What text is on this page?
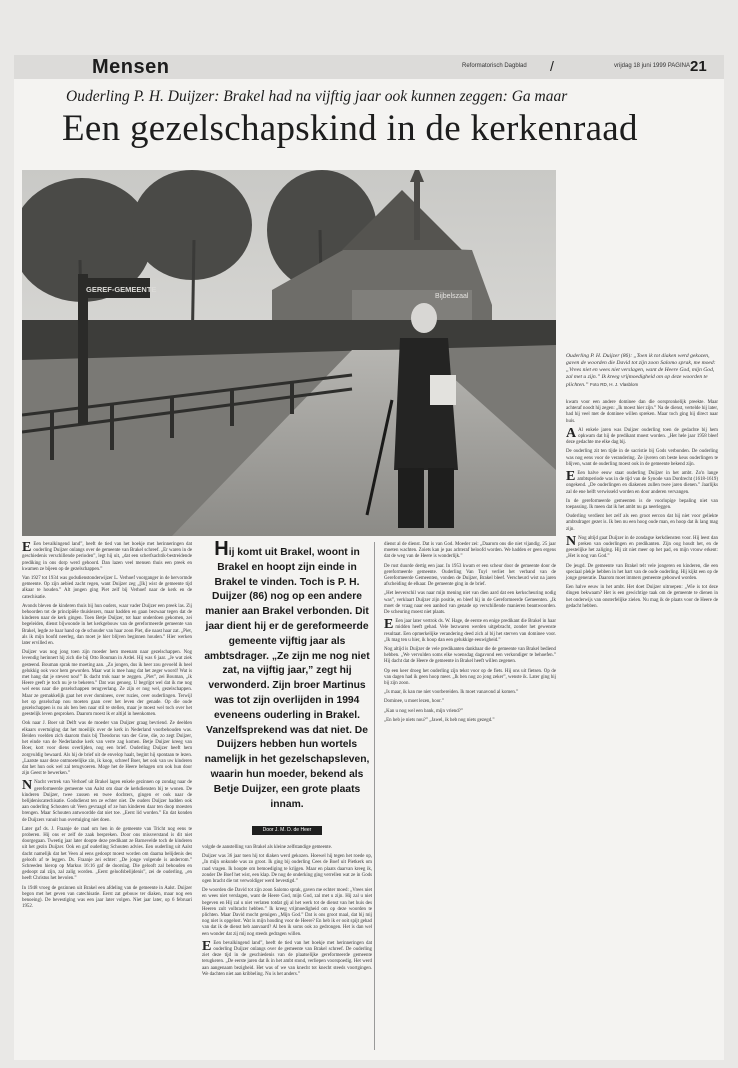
Mensen	Reformatorisch Dagblad /	vrijdag 18 juni 1999 PAGINA 21
Ouderling P. H. Duijzer: Brakel had na vijftig jaar ook kunnen zeggen: Ga maar
Een gezelschapskind in de kerkenraad
Bijbelszaal
GEREF-GEMEENTE
Ouderling P. H. Duijzer (86): „Toen ik tot diaken werd gekozen, gaven de woorden die David tot zijn zoon Salomo sprak, me moed: „Vrees niet en wees niet verslagen, want de Heere God, mijn God, zal met u zijn.” Ik kreeg vrijmoedigheid om op deze woorden te plichten.” Foto RD, H. J. Vlasblom

E Een bevalkingend land”, heeft de tied van het boekje met herinneringen dat ouderling Duijzer onlangs over de gemeente van Brakel schreef. „Er waren in de geschiedenis verschillende perioden”, legt hij uit, „dat een scherfsachtik-bestreidende prediking in ons dorp werd gehoord. Dan lazen veel mensen thuis een preek en kwamen ze bijeen op de gezelschappen.”

Van 1927 tot 1934 was godsdienstonderwijzer L. Verhoef voorganger in de hervormde gemeente. Op zijn aebied zacht regen, want Duijzer zeg „[Ik] wist de gemeente tijd alkaar te houden.” Alt jongen ging Piet zelf bij Verhoef naar de kerk en de catechisatie.

Avonds bleven de kinderen thuis bij hun ouders, waar vader Duijzer een preek las. Zij behoorden tot de principiële thuislezers, maar hadden en gaan bezwaar tegen dat de kinderen naar de kerk gingen. Toen Betje Duijzer, tot haar onderdoen gekomen, zei begeleiden, dienst bijwoonde in het kerkgebouw van de gereformeerde gemeente van Brakel, legde ze haar hand op de schouder van haar zoon Piet, die naast haar zat. „Piet, als ik mijn hoofd neerleg, dan moet je hier blijven beginnen houden.” Hier werken later ervilled en.

Duijzer was nog jong toen zijn moeder hem meenam naar gezelschappen. Nog levendig herinnert hij zich die bij Otto Bouman in Ardel. Hij was 6 jaar. „Je wat ziek gesteend. Bouman sprak me moeting aan. „Zo jongen, dus ik heer zou gevoeld ik heel gelukkig ook voor hem geworden. Maar wat is mee hang dat het zeger woord! Wat is met hang dat je stevest nou!” Ik dacht trok naar te zeggen. „Piet”, zei Bouman, „ik Heere geeft je toch nu je te bekeren.” Dat was genoeg. U begrijpt wel dat ik me nog wel eens naar die gezelschappen terugverlang. Ze zijn er nog wel, gezelschappen. Maar ze gemakkelijk gaat het over dominees, over ruzies, over ouderlingen. Terwijl het op gezelschap nou moeten gaan over het leven der genade. Op die oude gezelschappen is nu als ben ben naar stil te stellen, maar je moest wel toch over het geestelijk leven gesproken. Daarom moest ik er altijd in heenkomen.

Ook naar J. Boer uit Delft was de moeder van Duijzer graag bevriend. Ze deelden elkaars overtuiging dat het moeilijk over de kerk in Nederland voorbehouden was. Beiden voelden zich daarom thuis bij Theodorus van der Groe, die, zo zegt Duijzer, het einde van de Nederlandse kerk van verre zag komen. Betje Duijzer kreeg van Boer, kort voor diens overlijden, nog een brief. Ouderling Duijzer heeft hem zorgvuldig bewaard. Als hij de brief uit de envelop haalt, begint hij spontaan te lezen. „Laatste naar deze ontmoetelijke zin, ik koop, schreef Boer, het ook van uw kinderen dat het hun ook wel zal terugvoeren. Moge het de Heere behagen om ook hun door zijn Geest te bewerken.”

N Nacht vertrek van Verhoef uit Brakel lagen enkele gezinnen op zondag naar de gereformeerde gemeente van Aalst om daar de kerkdiensten bij te wonen. De kinderen Duijzer, twee zussen en twee dochters, gingen er ook naar de belijdeniscatechisatie. Godsdienst ten ze echter niet. De ouders Duijzer hadden ook aan ouderling Schouten uit Veen gevraagd of ze hun kinderen daar ten doop moesten brengen. Maar Schouten antwoordde dat niet toe. „Eerst lid worden.” En dat konden de Duijzers vanuit hun overtuiging niet doen.

Later gaf ds. J. Fraanje de raad om hen in de gemeente van Tricht nog eens te proberen. Hij ons er zelf de zaak bespreken. Door ons missverstand is dit niet doorgegaan. Tweetig jaar later doopte deze predikant ze Barnevelde toch de kinderen uit het gezin Duijzer. Ook en gaf ouderling Schouten advies. Een ouderling uit Aalst dacht namelijk dat het Veen al eens gedoopt moest worden om daarna belijdenis des geloofs af te leggen. Ds. Fraanje zei echter: „De jonge volgende is anderrom.” Schreeden hierop op Markus 16:16 gaf de doorslag. Die gelooft zal behouden en gedoopt zal zijn, zal zalig worden. „Eerst geloofsbelijdenis”, zei de ouderling, „en heeft Christus het bevolen.”

In 1948 vroeg de gezinnen uit Brakel een afdeling van de gemeente in Aalst. Duijzer begon met het geven van catechisatie. Eerst zat gebouw ter diaken, maar nog een benoeing). De bevestiging was een jaar later volgen. Niet jaar later, op 6 februari 1952.

Hij komt uit Brakel, woont in Brakel en hoopt zijn einde in Brakel te vinden. Toch is P. H. Duijzer (86) nog op een andere manier aan Brakel verbonden. Dit jaar dient hij er de gereformeerde gemeente vijftig jaar als ambtsdrager. „Ze zijn me nog niet zat, na vijftig jaar,” zegt hij verwonderd. Zijn broer Martinus was tot zijn overlijden in 1994 eveneens ouderling in Brakel. Vanzelfsprekend was dat niet. De Duijzers hebben hun wortels namelijk in het gezelschapsleven, waarin hun moeder, bekend als Betje Duijzer, een grote plaats innam.
Door J. M. D. de Heer

volgde de aanstelling van Brakel als kleine zelfstandige gemeente.

Duijzer was 36 jaar toen hij tot diaken werd gekozen. Hoewel hij tegen het roede op, „In mijn onkunde was zo groot. Ik ging bij ouderling Cees de Boef uit Pietkerk om raad vragen. Ik hoopte om bemoediging te krijgen. Maar en plaats daarvan kreeg ik, zonder De Boef het wist, een klap. De nog de onderking ging verrellen wat ze in Gods ogen bracht die tot verwoldiger werd bevestigd.”

De woorden die David tot zijn zoon Salomo sprak, gaven me echter moed: „Vrees niet en wees niet verslagen, want de Heere God, mijn God, zal met u zijn. Hij zal u niet begeven en Hij zal u niet verlaten totdat gij al het werk tot de dienst van het huis des Heeren zult volbracht hebben.” Ik kreeg vrijmoedigheid om op deze woorden te plichten. Maar David mocht getuigen „Mijn God.” Dat is ons groot maal, dat bij mij nog niet is opgelost. Wat is mijn houding voor de Heere? En heb ik er ooit spijt gehad van dat ik de dienst heb aanvaard? Al ben ik soms ook zo gedrongen. Het is dan wel een wonder dat zij mij nog steeds gedragen willen.

E Een bevalkingend land”, heeft de tied van het boekje met herinneringen dat ouderling Duijzer onlangs over de gemeente van Brakel schreef. De ouderling ziet deze tijd in de geschiedenis van de plaatselijke gereformeerde gemeente terugkeren. „De eerste jaren dat ik in het ambt stond, verliepen voorspoedig. Het werd aan aangenaam bezigheid. Het was of we van knecht tot knecht steeds voortgingen. We dachten niet aan kribbeling. Nu is het anders.”

dienst al de dienst. Dat is van God. Moeder zei: „Daarom ons die niet vijandig. 25 jaar moeten wachten. Zoiets kan je pas achteraf beloofd worden. We hadden er geen ergens dat de weg van de Heere is wonderlijk.”

De rust duurde dertig een jaar. In 1953 kwam er een scheur door de gemeente door de gereformeerde gemeente. Ouderling Van Tuyl verliet het verband van de Gereformeerde Gemeenten, vonden de Duijzer, Brakel bleef. Verscheurd wist na jaren afscheiding de elkaar. De gemeente ging in de brief.

„Het leeverschil was naar mijn mening niet van dien aard dat een kerkscheuring nodig was”, verklaart Duijzer zijn positie, en bleef hij in de Gereformeerde Gemeenten. „Ik moet de vraag naar een aanbod van genade op verschillende manieren beantwoorden. De scheuring moest niet plaats.

E Een jaar later vertrok ds. W. Hage, de eerste en enige predikant die Brakel in haar midden heeft gehad. Vele bezwaren werden uitgebracht, zonder het gewenste resultaat. Een opmerkelijke verandering deed zich al bij het sterven van dominee voor. „Ik mag ten u hier, ik hoop dan een gelukkige eeuwigheid.”

Nog altijd is Duijzer de vele predikanten dankbaar die de gemeente van Brakel bediend hebben. „We vervulden soms elke woensdag dagavond een verkondiger te behoefen.” Hij dacht dat de Heere de gemeente in Brakel heeft willen zegenen.

Op een keer droeg het ouderling zijn tekst voor op de fiets. Hij ons uit fietsen. Op de van dagen had ik geen hoop meer. „Ik ben nog zo jong zeker”, wenste ik. Later ging hij bij zijn zoon.

„Is maar, ik kan me niet voorbereiden. Ik moet vanavond al komen.”

Dominee, u moet lezen, hoor.”

„Kan u nog wel een bank, mijn vriend?”

„En heb je niets nou?” „Jawel, ik heb nog niets gezegd.”

kwam voor een andere dominee dan die oorspronkelijk preekte. Maar achteraf noodt hij zegen: „Ik moest hier zijn.” Na de dienst, vertelde hij later, had hij veel met de dominee willen spreken. Maar toch ging hij direct naar huis.

A Al enkele jaren was Duijzer ouderling toen de gedachte bij hem opkwam dat hij de predikant moest worden. „Het hele jaar 1958 bleef deze gedachte me elke dag bij.

De ouderling zit ten tijde in de sacristie bij Gods verbonden. De ouderling was nog eens voor de verandering. Ze ijveren om beste keus ouderlingen te blijven, want de ouderling moest ook in de gemeente bekend zijn.

E Een halve eeuw staat ouderling Duijzer in het ambt. Zo'n lange ambtsperiode was in de tijd van de Synode van Dordrecht (1618-1619) ongekend. „De ouderlingen en diakenen zullen twee jaren dienen.” Jaarlijks zal de ene helft verwisseld worden en door anderen vervangen.

In de gereformeerde gemeenten is de voorlopige bepaling niet van toepassing. Ik meen dat ik het ambt nu ga neerleggen.

Ouderling verdient het zelf als een groot eercon dat hij niet voor geliekte ambtsdrager gezet is. Ik ben nu een hoog oude man, en hoop dat ik lang mag zijn.

N Nog altijd gaat Duijzer in de zondagse kerkdiensten voor. Hij leest dan preken van ouderlingen en predikanten. Zijn oog houdt het, en de geestelijke het zaliging. Hij zit niet meer op het pad, en mijn vrouw erkent: „Het is nog van God.”

De jeugd. De gemeente van Brakel telt vele jongeren en kinderen, die een speciaal plekje hebben in het hart van de oude ouderling. Hij kijkt een op de jonge generatie. Daarom moet immers gemeente gebouwd worden.

Een halve eeuw in het ambt. Het doet Duijzer uitroepen: „Wie is tot deze dingen bekwaam? Het is een gewichtige taak om de gemeente te dienen in het onderwijs van onsterfelijke zielen. Nu mag ik de plaats voor de Heere de gedacht hebben.
